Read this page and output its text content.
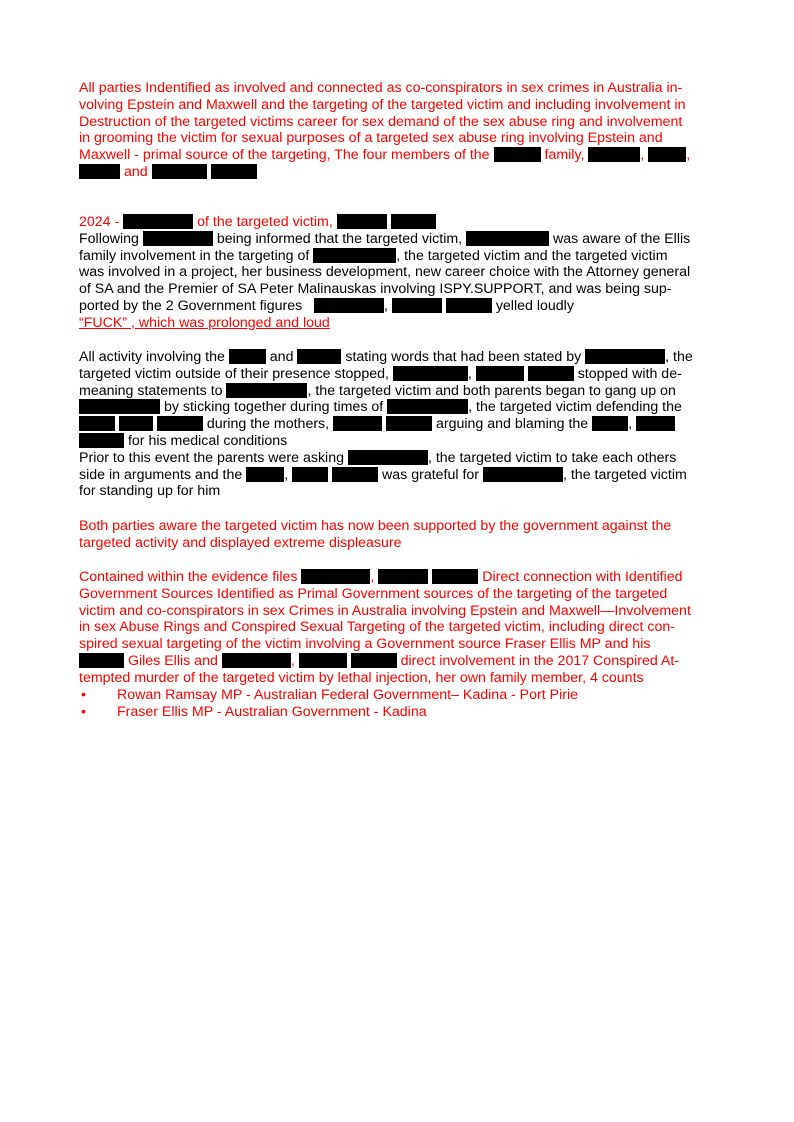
All parties Indentified as involved and connected as co-conspirators in sex crimes in Australia in-
volving Epstein and Maxwell and the targeting of the targeted victim and including involvement in
Destruction of the targeted victims career for sex demand of the sex abuse ring and involvement
in grooming the victim for sexual purposes of a targeted sex abuse ring involving Epstein and
Maxwell - primal source of the targeting, The four members of the	family,	,	,
and
2024 -	of the targeted victim,
Following	being informed that the targeted victim,	was aware of the Ellis
family involvement in the targeting of	, the targeted victim and the targeted victim
was involved in a project, her business development, new career choice with the Attorney general
of SA and the Premier of SA Peter Malinauskas involving ISPY.SUPPORT, and was being sup-
ported by the 2 Government figures	,	yelled loudly
“FUCK” , which was prolonged and loud
All activity involving the	and	stating words that had been stated by	, the
targeted victim outside of their presence stopped,	,	stopped with de-
meaning statements to	, the targeted victim and both parents began to gang up on
by sticking together during times of	, the targeted victim defending the
during the mothers,	arguing and blaming the	,
for his medical conditions
Prior to this event the parents were asking	, the targeted victim to take each others
side in arguments and the	,	was grateful for	, the targeted victim
for standing up for him
Both parties aware the targeted victim has now been supported by the government against the
targeted activity and displayed extreme displeasure
Contained within the evidence files	,	Direct connection with Identified
Government Sources Identified as Primal Government sources of the targeting of the targeted
victim and co-conspirators in sex Crimes in Australia involving Epstein and Maxwell—Involvement
in sex Abuse Rings and Conspired Sexual Targeting of the targeted victim, including direct con-
spired sexual targeting of the victim involving a Government source Fraser Ellis MP and his
Giles Ellis and	,	direct involvement in the 2017 Conspired At-
tempted murder of the targeted victim by lethal injection, her own family member, 4 counts
• Rowan Ramsay MP - Australian Federal Government– Kadina - Port Pirie
• Fraser Ellis MP - Australian Government - Kadina
